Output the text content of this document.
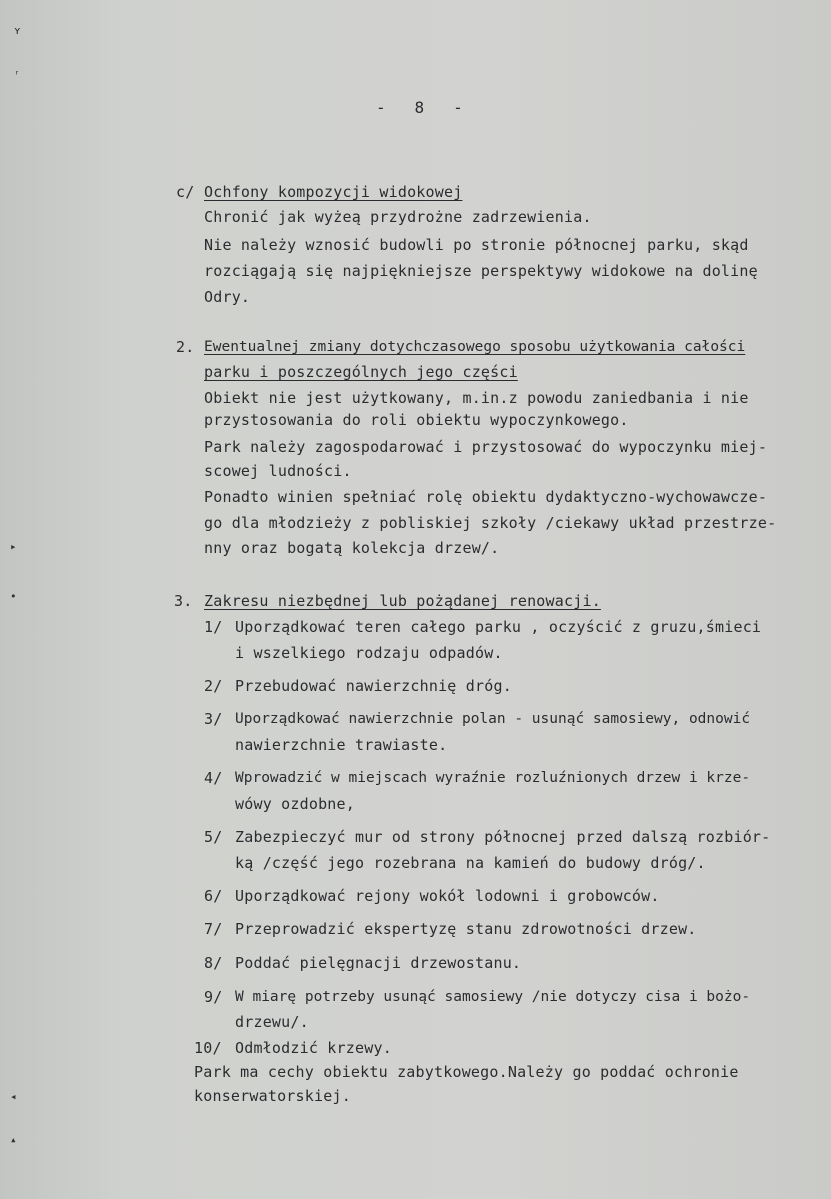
ʏ
ʳ
▸
•
◂
▴
-   8   -
c/ Ochfony kompozycji widokowej
Chronić jak wyżeą przydrożne zadrzewienia.
Nie należy wznosić budowli po stronie północnej parku, skąd
rozciągają się najpiękniejsze perspektywy widokowe na dolinę
Odry.
2. Ewentualnej zmiany dotychczasowego sposobu użytkowania całości
parku i poszczególnych jego części
Obiekt nie jest użytkowany, m.in.z powodu zaniedbania i nie
przystosowania do roli obiektu wypoczynkowego.
Park należy zagospodarować i przystosować do wypoczynku miej-
scowej ludności.
Ponadto winien spełniać rolę obiektu dydaktyczno-wychowawcze-
go dla młodzieży z pobliskiej szkoły /ciekawy układ przestrze-
nny oraz bogatą kolekcja drzew/.
3. Zakresu niezbędnej lub pożądanej renowacji.
1/ Uporządkować teren całego parku , oczyścić z gruzu,śmieci
i wszelkiego rodzaju odpadów.
2/ Przebudować nawierzchnię dróg.
3/ Uporządkować nawierzchnie polan - usunąć samosiewy, odnowić
nawierzchnie trawiaste.
4/ Wprowadzić w miejscach wyraźnie rozluźnionych drzew i krze-
wówy ozdobne,
5/ Zabezpieczyć mur od strony północnej przed dalszą rozbiór-
ką /część jego rozebrana na kamień do budowy dróg/.
6/ Uporządkować rejony wokół lodowni i grobowców.
7/ Przeprowadzić ekspertyzę stanu zdrowotności drzew.
8/ Poddać pielęgnacji drzewostanu.
9/ W miarę potrzeby usunąć samosiewy /nie dotyczy cisa i bożo-
drzewu/.
10/ Odmłodzić krzewy.
Park ma cechy obiektu zabytkowego.Należy go poddać ochronie
konserwatorskiej.
